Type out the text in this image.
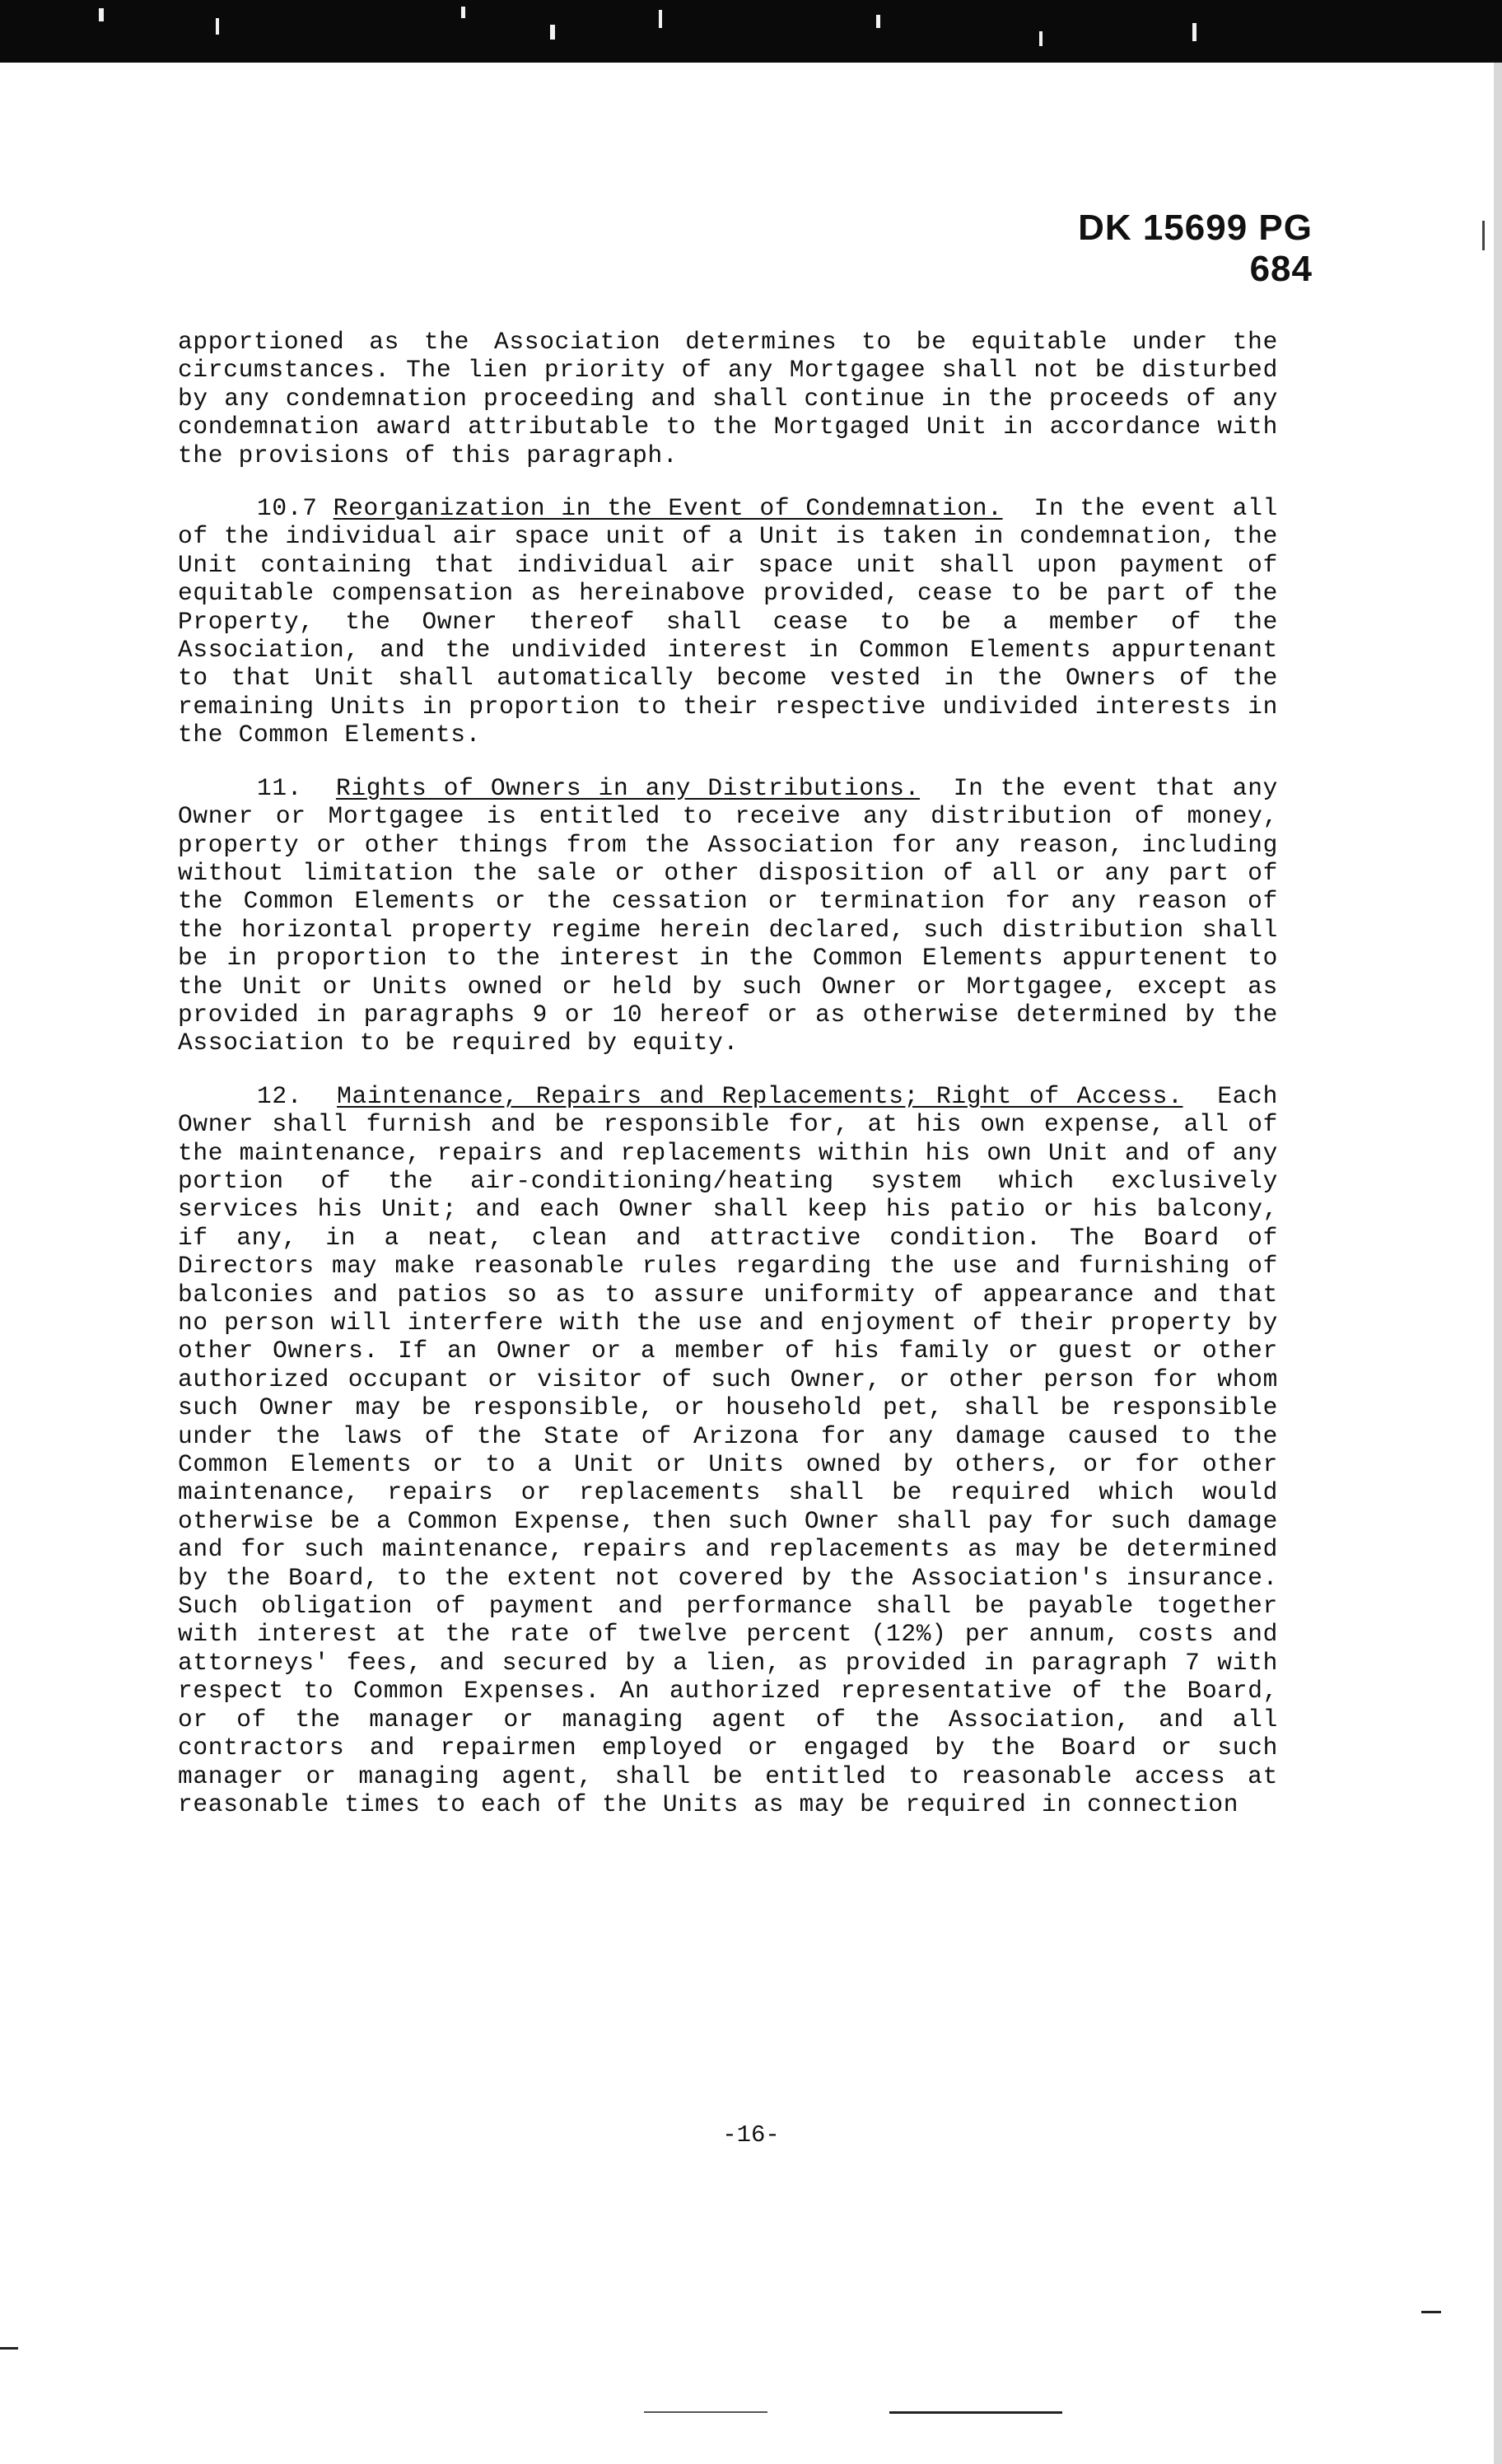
DK 15699 PG 684

apportioned as the Association determines to be equitable under the circumstances. The lien priority of any Mortgagee shall not be disturbed by any condemnation proceeding and shall continue in the proceeds of any condemnation award attributable to the Mortgaged Unit in accordance with the provisions of this paragraph.

10.7 Reorganization in the Event of Condemnation. In the event all of the individual air space unit of a Unit is taken in condemnation, the Unit containing that individual air space unit shall upon payment of equitable compensation as hereinabove provided, cease to be part of the Property, the Owner thereof shall cease to be a member of the Association, and the undivided interest in Common Elements appurtenant to that Unit shall automatically become vested in the Owners of the remaining Units in proportion to their respective undivided interests in the Common Elements.

11. Rights of Owners in any Distributions. In the event that any Owner or Mortgagee is entitled to receive any distribution of money, property or other things from the Association for any reason, including without limitation the sale or other disposition of all or any part of the Common Elements or the cessation or termination for any reason of the horizontal property regime herein declared, such distribution shall be in proportion to the interest in the Common Elements appurtenent to the Unit or Units owned or held by such Owner or Mortgagee, except as provided in paragraphs 9 or 10 hereof or as otherwise determined by the Association to be required by equity.

12. Maintenance, Repairs and Replacements; Right of Access. Each Owner shall furnish and be responsible for, at his own expense, all of the maintenance, repairs and replacements within his own Unit and of any portion of the air-conditioning/heating system which exclusively services his Unit; and each Owner shall keep his patio or his balcony, if any, in a neat, clean and attractive condition. The Board of Directors may make reasonable rules regarding the use and furnishing of balconies and patios so as to assure uniformity of appearance and that no person will interfere with the use and enjoyment of their property by other Owners. If an Owner or a member of his family or guest or other authorized occupant or visitor of such Owner, or other person for whom such Owner may be responsible, or household pet, shall be responsible under the laws of the State of Arizona for any damage caused to the Common Elements or to a Unit or Units owned by others, or for other maintenance, repairs or replacements shall be required which would otherwise be a Common Expense, then such Owner shall pay for such damage and for such maintenance, repairs and replacements as may be determined by the Board, to the extent not covered by the Association's insurance. Such obligation of payment and performance shall be payable together with interest at the rate of twelve percent (12%) per annum, costs and attorneys' fees, and secured by a lien, as provided in paragraph 7 with respect to Common Expenses. An authorized representative of the Board, or of the manager or managing agent of the Association, and all contractors and repairmen employed or engaged by the Board or such manager or managing agent, shall be entitled to reasonable access at reasonable times to each of the Units as may be required in connection

-16-
